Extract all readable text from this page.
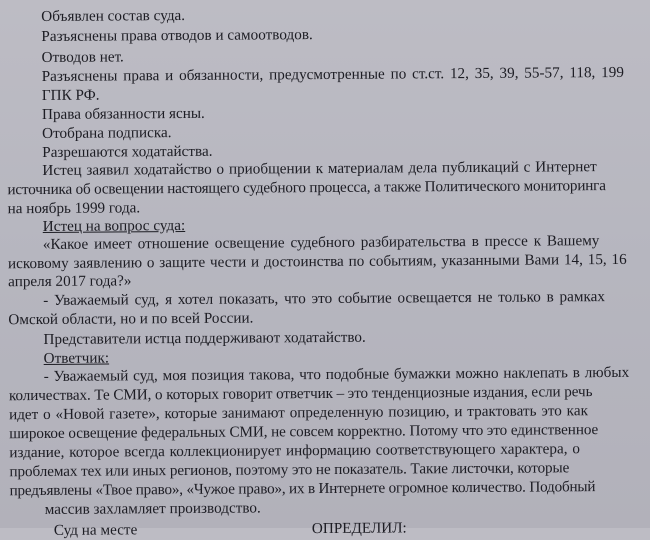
Объявлен состав суда.
Разъяснены права отводов и самоотводов.
Отводов нет.
Разъяснены права и обязанности, предусмотренные по ст.ст. 12, 35, 39, 55-57, 118, 199
ГПК РФ.
Права обязанности ясны.
Отобрана подписка.
Разрешаются ходатайства.
Истец заявил ходатайство о приобщении к материалам дела публикаций с Интернет
источника об освещении настоящего судебного процесса, а также Политического мониторинга
на ноябрь 1999 года.
Истец на вопрос суда:
«Какое имеет отношение освещение судебного разбирательства в прессе к Вашему
исковому заявлению о защите чести и достоинства по событиям, указанными Вами 14, 15, 16
апреля 2017 года?»
- Уважаемый суд, я хотел показать, что это событие освещается не только в рамках
Омской области, но и по всей России.
Представители истца поддерживают ходатайство.
Ответчик:
- Уважаемый суд, моя позиция такова, что подобные бумажки можно наклепать в любых
количествах. Те СМИ, о которых говорит ответчик – это тенденциозные издания, если речь
идет о «Новой газете», которые занимают определенную позицию, и трактовать это как
широкое освещение федеральных СМИ, не совсем корректно. Потому что это единственное
издание, которое всегда коллекционирует информацию соответствующего характера, о
проблемах тех или иных регионов, поэтому это не показатель. Такие листочки, которые
предъявлены «Твое право», «Чужое право», их в Интернете огромное количество. Подобный
массив захламляет производство.
Суд на месте	ОПРЕДЕЛИЛ:
